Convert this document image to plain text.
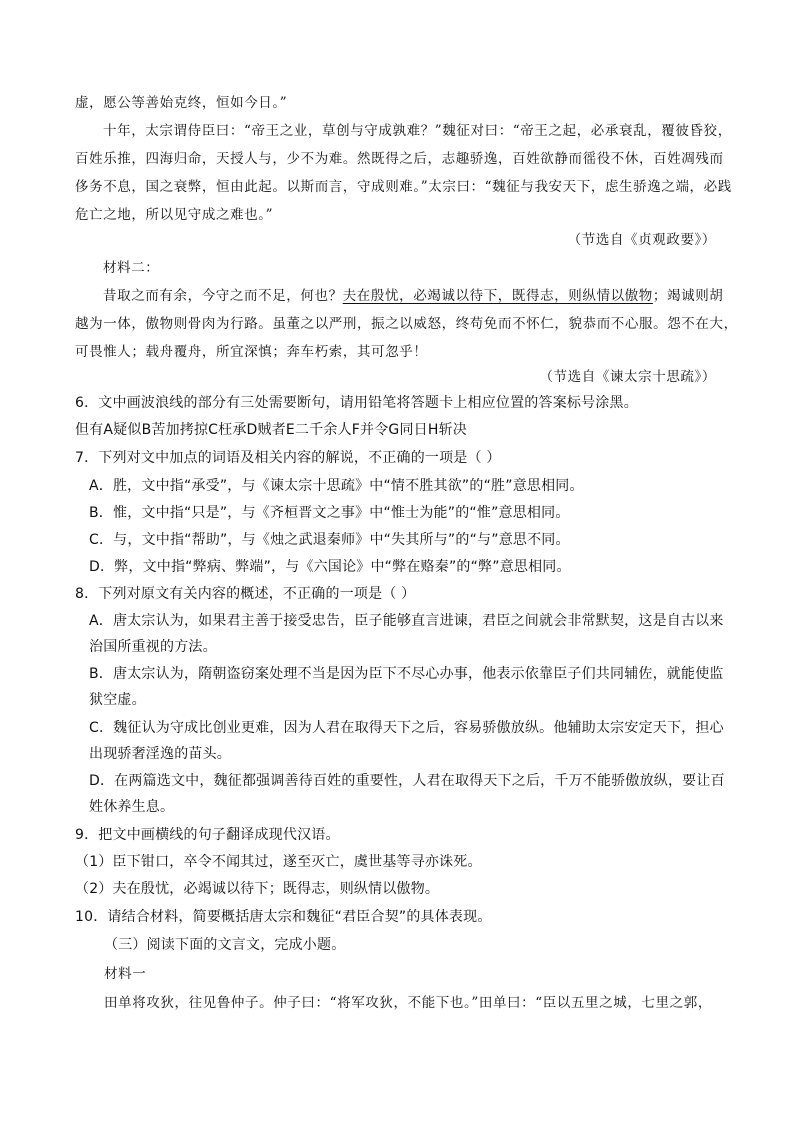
虚，愿公等善始克终，恒如今日。”
十年，太宗谓侍臣曰：“帝王之业，草创与守成孰难？”魏征对曰：“帝王之起，必承衰乱，覆彼昏狡，
百姓乐推，四海归命，天授人与，少不为难。然既得之后，志趣骄逸，百姓欲静而徭役不休，百姓凋残而
侈务不息，国之衰弊，恒由此起。以斯而言，守成则难。”太宗曰：“魏征与我安天下，虑生骄逸之端，必践
危亡之地，所以见守成之难也。”
（节选自《贞观政要》）
材料二：
昔取之而有余，今守之而不足，何也？夫在殷忧，必竭诚以待下，既得志，则纵情以傲物；竭诚则胡
越为一体，傲物则骨肉为行路。虽董之以严刑，振之以威怒，终苟免而不怀仁，貌恭而不心服。怨不在大，
可畏惟人；载舟覆舟，所宜深慎；奔车朽索，其可忽乎！
（节选自《谏太宗十思疏》）
6．文中画波浪线的部分有三处需要断句，请用铅笔将答题卡上相应位置的答案标号涂黑。
但有A疑似B苦加拷掠C枉承D贼者E二千余人F并令G同日H斩决
7．下列对文中加点的词语及相关内容的解说，不正确的一项是（ ）
A．胜，文中指“承受”，与《谏太宗十思疏》中“情不胜其欲”的“胜”意思相同。
B．惟，文中指“只是”，与《齐桓晋文之事》中“惟士为能”的“惟”意思相同。
C．与，文中指“帮助”，与《烛之武退秦师》中“失其所与”的“与”意思不同。
D．弊，文中指“弊病、弊端”，与《六国论》中“弊在赂秦”的“弊”意思相同。
8．下列对原文有关内容的概述，不正确的一项是（ ）
A．唐太宗认为，如果君主善于接受忠告，臣子能够直言进谏，君臣之间就会非常默契，这是自古以来
治国所重视的方法。
B．唐太宗认为，隋朝盗窃案处理不当是因为臣下不尽心办事，他表示依靠臣子们共同辅佐，就能使监
狱空虚。
C．魏征认为守成比创业更难，因为人君在取得天下之后，容易骄傲放纵。他辅助太宗安定天下，担心
出现骄奢淫逸的苗头。
D．在两篇选文中，魏征都强调善待百姓的重要性，人君在取得天下之后，千万不能骄傲放纵，要让百
姓休养生息。
9．把文中画横线的句子翻译成现代汉语。
（1）臣下钳口，卒令不闻其过，遂至灭亡，虞世基等寻亦诛死。
（2）夫在殷忧，必竭诚以待下；既得志，则纵情以傲物。
10．请结合材料，简要概括唐太宗和魏征“君臣合契”的具体表现。
（三）阅读下面的文言文，完成小题。
材料一
田单将攻狄，往见鲁仲子。仲子曰：“将军攻狄，不能下也。”田单曰：“臣以五里之城，七里之郭，
